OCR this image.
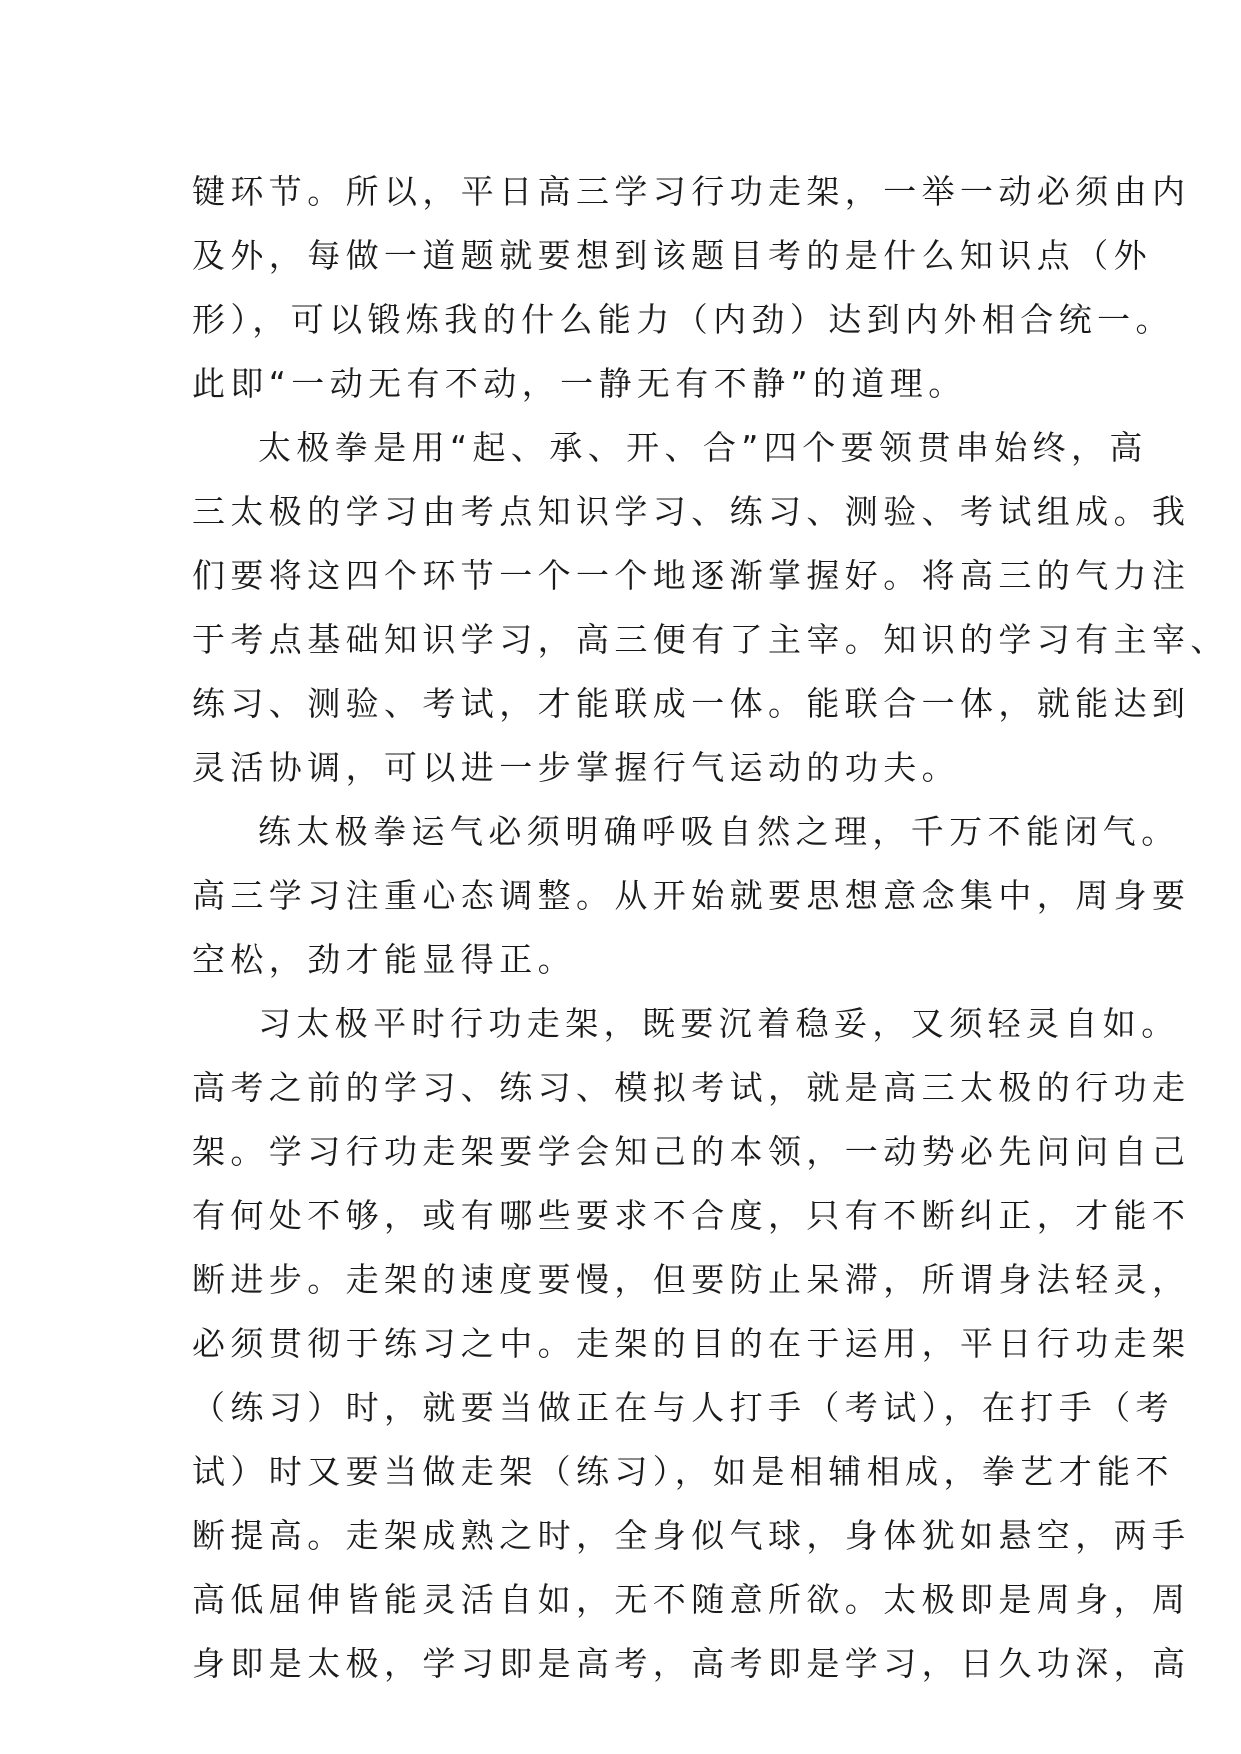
键环节。所以，平日高三学习行功走架，一举一动必须由内
及外，每做一道题就要想到该题目考的是什么知识点（外
形），可以锻炼我的什么能力（内劲）达到内外相合统一。
此即“一动无有不动，一静无有不静”的道理。
太极拳是用“起、承、开、合”四个要领贯串始终，高
三太极的学习由考点知识学习、练习、测验、考试组成。我
们要将这四个环节一个一个地逐渐掌握好。将高三的气力注
于考点基础知识学习，高三便有了主宰。知识的学习有主宰、
练习、测验、考试，才能联成一体。能联合一体，就能达到
灵活协调，可以进一步掌握行气运动的功夫。
练太极拳运气必须明确呼吸自然之理，千万不能闭气。
高三学习注重心态调整。从开始就要思想意念集中，周身要
空松，劲才能显得正。
习太极平时行功走架，既要沉着稳妥，又须轻灵自如。
高考之前的学习、练习、模拟考试，就是高三太极的行功走
架。学习行功走架要学会知己的本领，一动势必先问问自己
有何处不够，或有哪些要求不合度，只有不断纠正，才能不
断进步。走架的速度要慢，但要防止呆滞，所谓身法轻灵，
必须贯彻于练习之中。走架的目的在于运用，平日行功走架
（练习）时，就要当做正在与人打手（考试），在打手（考
试）时又要当做走架（练习），如是相辅相成，拳艺才能不
断提高。走架成熟之时，全身似气球，身体犹如悬空，两手
高低屈伸皆能灵活自如，无不随意所欲。太极即是周身，周
身即是太极，学习即是高考，高考即是学习，日久功深，高
